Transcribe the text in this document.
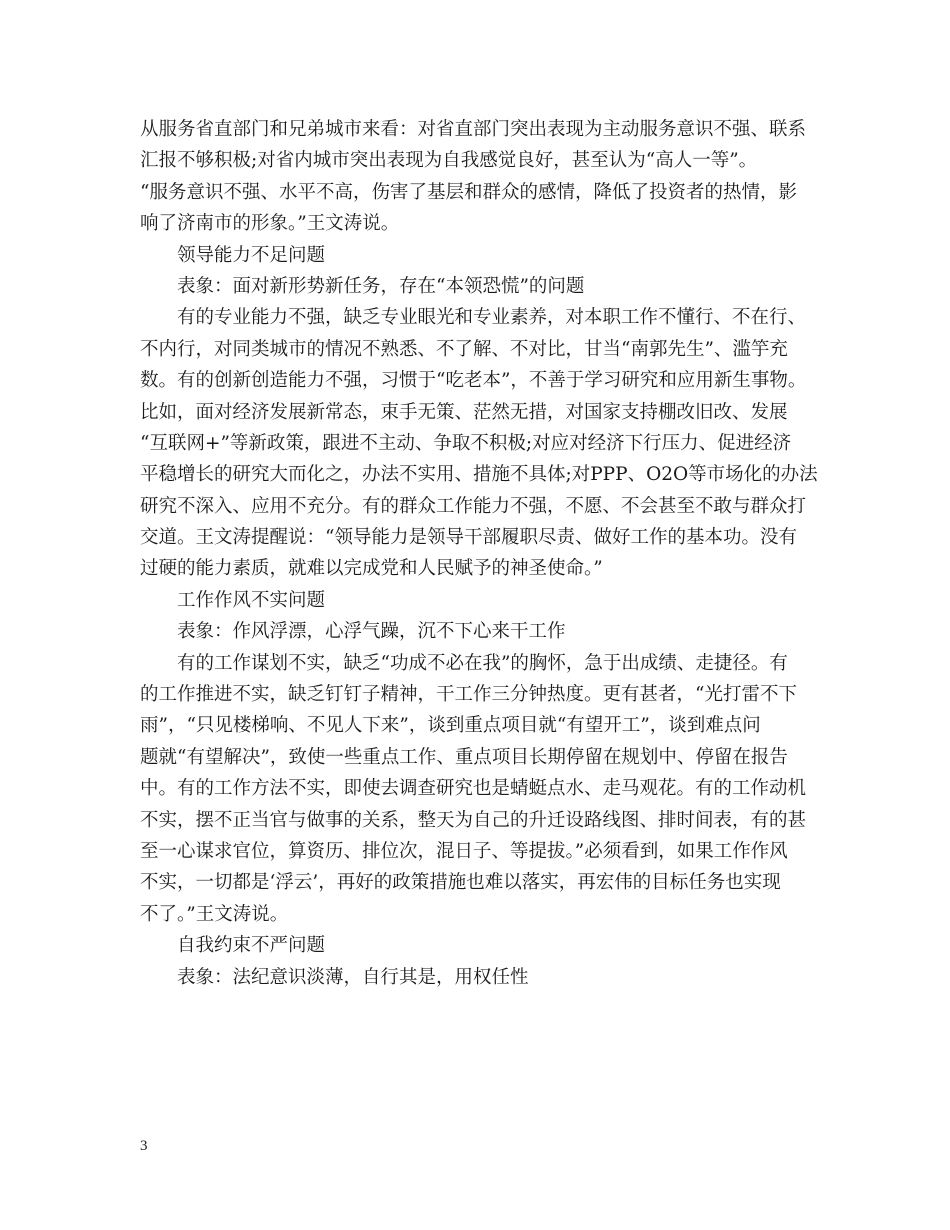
从服务省直部门和兄弟城市来看：对省直部门突出表现为主动服务意识不强、联系
汇报不够积极;对省内城市突出表现为自我感觉良好，甚至认为“高人一等”。
“服务意识不强、水平不高，伤害了基层和群众的感情，降低了投资者的热情，影
响了济南市的形象。”王文涛说。
领导能力不足问题
表象：面对新形势新任务，存在“本领恐慌”的问题
有的专业能力不强，缺乏专业眼光和专业素养，对本职工作不懂行、不在行、
不内行，对同类城市的情况不熟悉、不了解、不对比，甘当“南郭先生”、滥竽充
数。有的创新创造能力不强，习惯于“吃老本”，不善于学习研究和应用新生事物。
比如，面对经济发展新常态，束手无策、茫然无措，对国家支持棚改旧改、发展
“互联网+”等新政策，跟进不主动、争取不积极;对应对经济下行压力、促进经济
平稳增长的研究大而化之，办法不实用、措施不具体;对PPP、O2O等市场化的办法
研究不深入、应用不充分。有的群众工作能力不强，不愿、不会甚至不敢与群众打
交道。王文涛提醒说：“领导能力是领导干部履职尽责、做好工作的基本功。没有
过硬的能力素质，就难以完成党和人民赋予的神圣使命。”
工作作风不实问题
表象：作风浮漂，心浮气躁，沉不下心来干工作
有的工作谋划不实，缺乏“功成不必在我”的胸怀，急于出成绩、走捷径。有
的工作推进不实，缺乏钉钉子精神，干工作三分钟热度。更有甚者，“光打雷不下
雨”，“只见楼梯响、不见人下来”，谈到重点项目就“有望开工”，谈到难点问
题就“有望解决”，致使一些重点工作、重点项目长期停留在规划中、停留在报告
中。有的工作方法不实，即使去调查研究也是蜻蜓点水、走马观花。有的工作动机
不实，摆不正当官与做事的关系，整天为自己的升迁设路线图、排时间表，有的甚
至一心谋求官位，算资历、排位次，混日子、等提拔。”必须看到，如果工作作风
不实，一切都是‘浮云’，再好的政策措施也难以落实，再宏伟的目标任务也实现
不了。”王文涛说。
自我约束不严问题
表象：法纪意识淡薄，自行其是，用权任性
3
